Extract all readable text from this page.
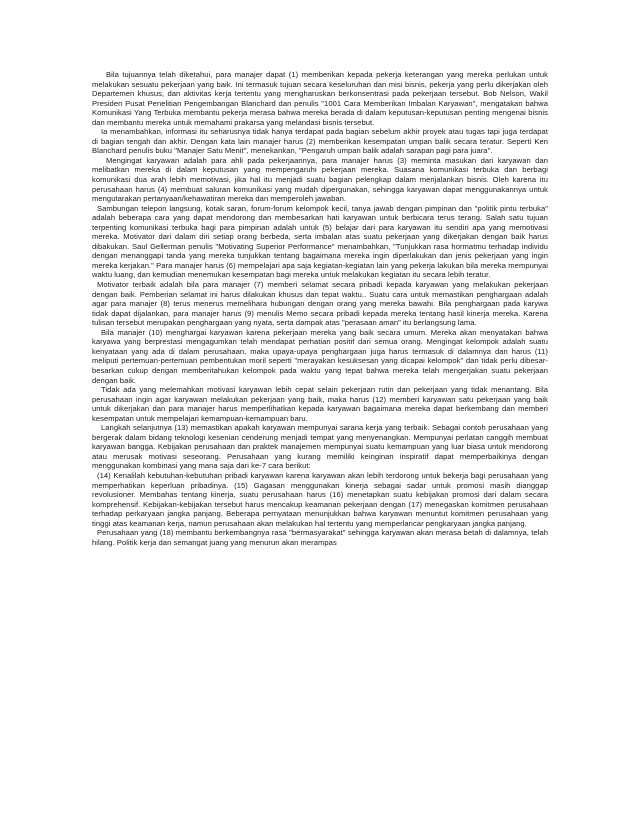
Bila tujuannya telah diketahui, para manajer dapat (1) memberikan kepada pekerja keterangan yang mereka perlukan untuk melakukan sesuatu pekerjaan yang baik. Ini termasuk tujuan secara keseluruhan dan misi bisnis, pekerja yang perlu dikerjakan oleh Departemen khusus, dan aktivitas kerja tertentu yang mengharuskan berkonsentrasi pada pekerjaan tersebut. Bob Nelson, Wakil Presiden Pusat Penelitian Pengembangan Blanchard dan penulis "1001 Cara Memberikan Imbalan Karyawan", mengatakan bahwa Komunikasi Yang Terbuka membantu pekerja merasa bahwa mereka berada di dalam keputusan-keputusan penting mengenai bisnis dan membantu mereka untuk memahami prakarsa yang melandasi bisnis tersebut.

Ia menambahkan, informasi itu seharusnya tidak hanya terdapat pada bagian sebelum akhir proyek atau tugas tapi juga terdapat di bagian tengah dan akhir. Dengan kata lain manajer harus (2) memberikan kesempatan umpan balik secara teratur. Seperti Ken Blanchard penulis buku "Manajer Satu Menit", menekankan, "Pengaruh umpan balik adalah sarapan pagi para juara".

Mengingat karyawan adalah para ahli pada pekerjaannya, para manajer harus (3) meminta masukan dari karyawan dan melibatkan mereka di dalam keputusan yang mempengaruhi pekerjaan mereka. Suasana komunikasi terbuka dan berbagi komunikasi dua arah lebih memotivasi, jika hal itu menjadi suatu bagian pelengkap dalam menjalankan bisnis. Oleh karena itu perusahaan harus (4) membuat saluran komunikasi yang mudah dipergunakan, sehingga karyawan dapat menggunakannya untuk mengutarakan pertanyaan/kehawatiran mereka dan memperoleh jawaban.

Sambungan telepon langsung, kotak saran, forum-forum kelompok kecil, tanya jawab dengan pimpinan dan "politik pintu terbuka" adalah beberapa cara yang dapat mendorong dan membesarkan hati karyawan untuk berbicara terus terang. Salah satu tujuan terpenting komunikasi terbuka bagi para pimpinan adalah untuk (5) belajar dari para karyawan itu sendiri apa yang memotivasi mereka. Motivator dari dalam diri setiap orang berbeda, serta imbalan atas suatu pekerjaan yang dikerjakan dengan baik harus dibakukan. Saul Gellerman penulis "Motivating Superior Performance" menambahkan, "Tunjukkan rasa hormatmu terhadap individu dengan menanggapi tanda yang mereka tunjukkan tentang bagaimana mereka ingin diperlakukan dan jenis pekerjaan yang ingin mereka kerjakan." Para manajer harus (6) mempelajari apa saja kegiatan-kegiatan lain yang pekerja lakukan bila mereka mempunyai waktu luang, dan kemudian menemukan kesempatan bagi mereka untuk melakukan kegiatan itu secara lebih teratur.

Motivator terbaik adalah bila para manajer (7) memberi selamat secara pribadi kepada karyawan yang melakukan pekerjaan dengan baik. Pemberian selamat ini harus dilakukan khusus dan tepat waktu.. Suatu cara untuk memastikan penghargaan adalah agar para manajer (8) terus menerus memelihara hubungan dengan orang yang mereka bawahi. Bila penghargaan pada karywa tidak dapat dijalankan, para manajer harus (9) menulis Memo secara pribadi kepada mereka tentang hasil kinerja mereka. Karena tulisan tersebut merupakan penghargaan yang nyata, serta dampak atas "perasaan aman" itu berlangsung lama.

Bila manajer (10) menghargai karyawan karena pekerjaan mereka yang baik secara umum. Mereka akan menyatakan bahwa karyawa yang berprestasi mengagumkan telah mendapat perhatian positif dari semua orang. Mengingat kelompok adalah suatu kenyataan yang ada di dalam perusahaan, maka upaya-upaya penghargaan juga harus termasuk di dalamnya dan harus (11) meliputi pertemuan-pertemuan pembentukan moril seperti "merayakan kesuksesan yang dicapai kelompok" dan tidak perlu dibesar-besarkan cukup dengan memberitahukan kelompok pada waktu yang tepat bahwa mereka telah mengerjakan suatu pekerjaan dengan baik.

Tidak ada yang melemahkan motivasi karyawan lebih cepat selain pekerjaan rutin dan pekerjaan yang tidak menantang. Bila perusahaan ingin agar karyawan melakukan pekerjaan yang baik, maka harus (12) memberi karyawan satu pekerjaan yang baik untuk dikerjakan dan para manajer harus memperlihatkan kepada karyawan bagaimana mereka dapat berkembang dan memberi kesempatan untuk mempelajari kemampuan-kemampuan baru.

Langkah selanjutnya (13) memastikan apakah karyawan mempunyai sarana kerja yang terbaik. Sebagai contoh perusahaan yang bergerak dalam bidang teknologi kesenian cenderung menjadi tempat yang menyenangkan. Mempunyai perlatan canggih membuat karyawan bangga. Kebijakan perusahaan dan praktek manajemen mempunyai suatu kemampuan yang luar biasa untuk mendorong atau merusak motivasi seseorang. Perusahaan yang kurang memiliki keinginan inspiratif dapat memperbaikinya dengan menggunakan kombinasi yang mana saja dari ke-7 cara berikut:

(14) Kenalilah kebutuhan-kebutuhan pribadi karyawan karena karyawan akan lebih terdorong untuk bekerja bagi perusahaan yang memperhatikan keperluan pribadinya. (15) Gagasan menggunakan kinerja sebagai sadar untuk promosi masih dianggap revolusioner. Membahas tentang kinerja, suatu perusahaan harus (16) menetapkan suatu kebijakan promosi dari dalam secara komprehensif. Kebijakan-kebijakan tersebut harus mencakup keamanan pekerjaan dengan (17) menegaskan komitmen perusahaan terhadap perkaryaan jangka panjang. Beberapa pernyataan menunjukkan bahwa karyawan menuntut komitmen perusahaan yang tinggi atas keamanan kerja, namun perusahaan akan melakukan hal tertentu yang memperlancar pengkaryaan jangka panjang.

Perusahaan yang (18) membantu berkembangnya rasa "bermasyarakat" sehingga karyawan akan merasa betah di dalamnya, telah hilang. Politik kerja dan semangat juang yang menurun akan merampas
